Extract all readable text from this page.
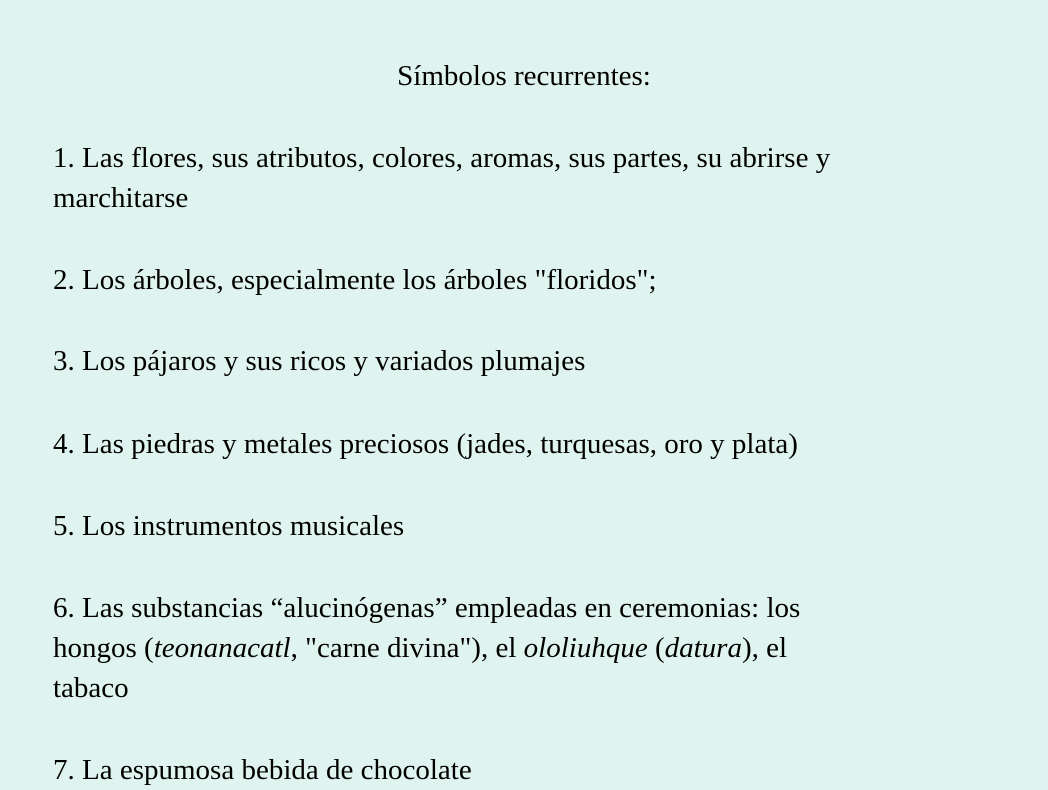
Símbolos recurrentes:
1. Las flores, sus atributos, colores, aromas, sus partes, su abrirse y
marchitarse
2. Los árboles, especialmente los árboles "floridos";
3. Los pájaros y sus ricos y variados plumajes
4. Las piedras y metales preciosos (jades, turquesas, oro y plata)
5. Los instrumentos musicales
6. Las substancias “alucinógenas” empleadas en ceremonias: los
hongos (teonanacatl, "carne divina"), el ololiuhque (datura), el
tabaco
7. La espumosa bebida de chocolate
